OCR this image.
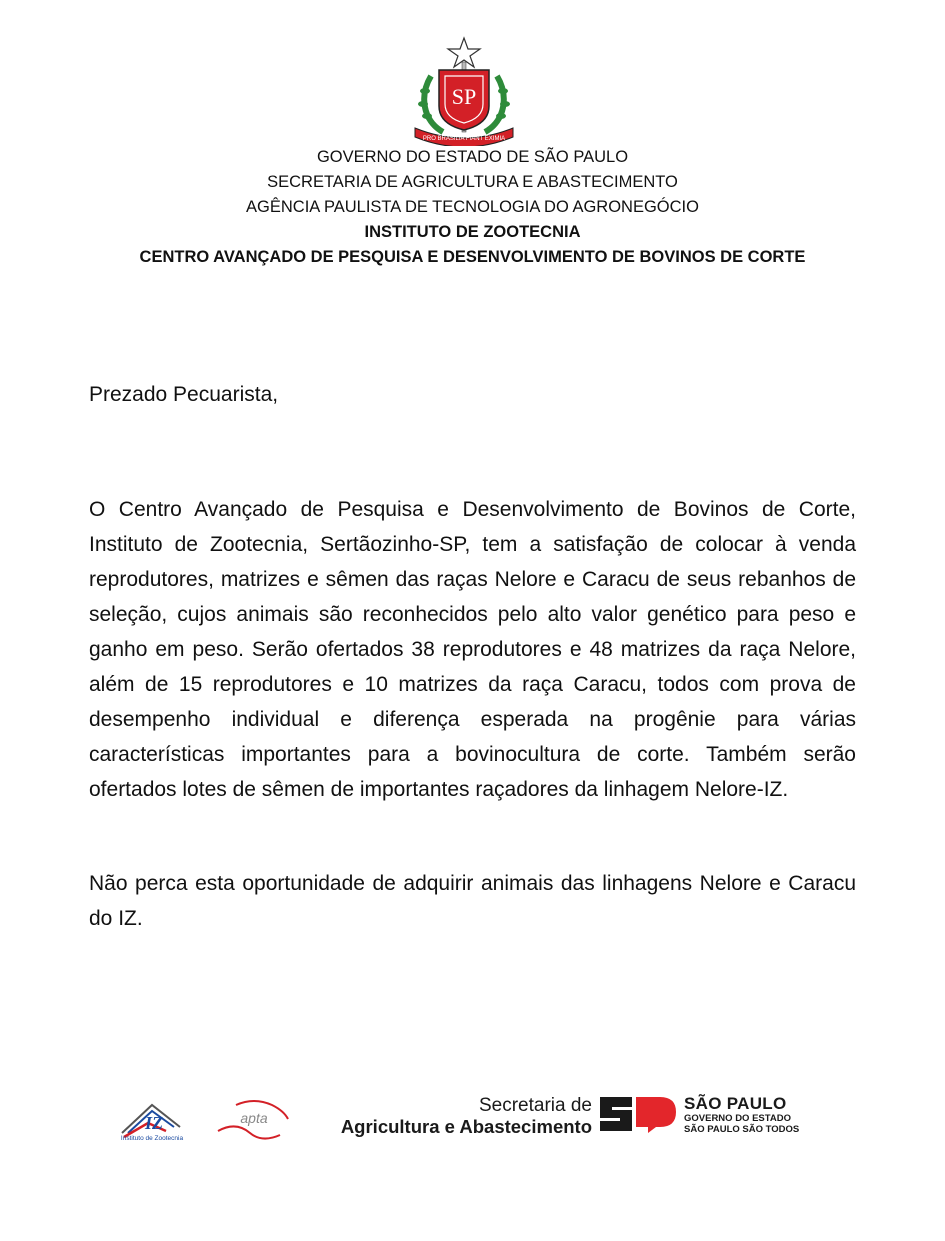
SP
PRO BRASILIA FIANT EXIMIA
GOVERNO DO ESTADO DE SÃO PAULO
SECRETARIA DE AGRICULTURA E ABASTECIMENTO
AGÊNCIA PAULISTA DE TECNOLOGIA DO AGRONEGÓCIO
INSTITUTO DE ZOOTECNIA
CENTRO AVANÇADO DE PESQUISA E DESENVOLVIMENTO DE BOVINOS DE CORTE
Prezado Pecuarista,
O Centro Avançado de Pesquisa e Desenvolvimento de Bovinos de Corte, Instituto de Zootecnia, Sertãozinho-SP, tem a satisfação de colocar à venda reprodutores, matrizes e sêmen das raças Nelore e Caracu de seus rebanhos de seleção, cujos animais são reconhecidos pelo alto valor genético para peso e ganho em peso. Serão ofertados 38 reprodutores e 48 matrizes da raça Nelore, além de 15 reprodutores e 10 matrizes da raça Caracu, todos com prova de desempenho individual e diferença esperada na progênie para várias características importantes para a bovinocultura de corte. Também serão ofertados lotes de sêmen de importantes raçadores da linhagem Nelore-IZ.
Não perca esta oportunidade de adquirir animais das linhagens Nelore e Caracu do IZ.
IZ
Instituto de Zootecnia
apta
Secretaria de
Agricultura e Abastecimento
SÃO PAULO
GOVERNO DO ESTADO
SÃO PAULO SÃO TODOS
